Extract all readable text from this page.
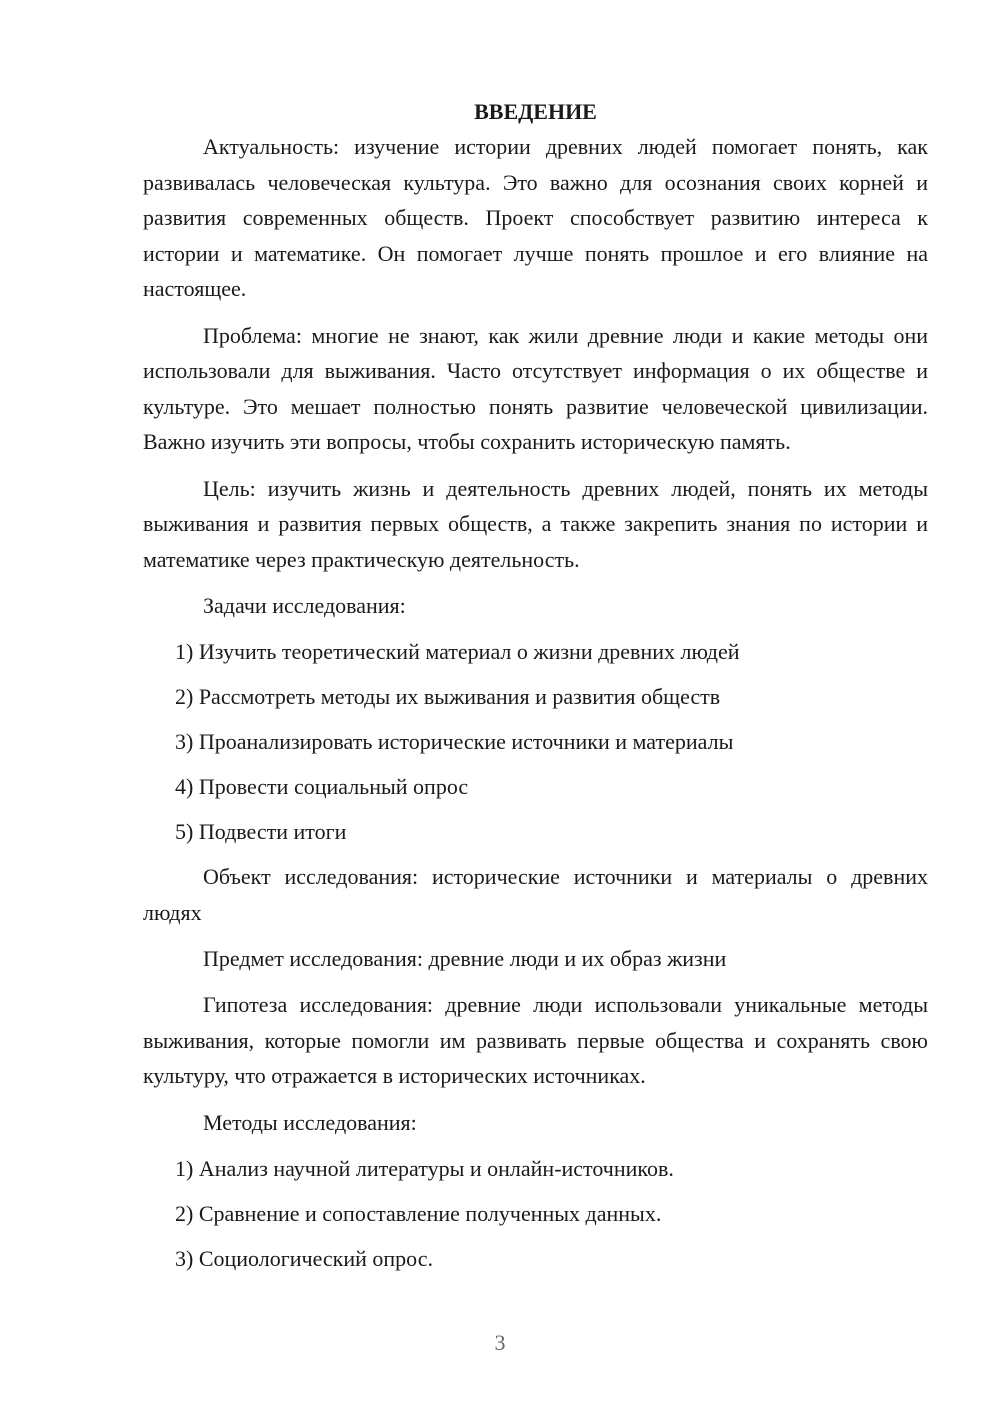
ВВЕДЕНИЕ

Актуальность: изучение истории древних людей помогает понять, как развивалась человеческая культура. Это важно для осознания своих корней и развития современных обществ. Проект способствует развитию интереса к истории и математике. Он помогает лучше понять прошлое и его влияние на настоящее.

Проблема: многие не знают, как жили древние люди и какие методы они использовали для выживания. Часто отсутствует информация о их обществе и культуре. Это мешает полностью понять развитие человеческой цивилизации. Важно изучить эти вопросы, чтобы сохранить историческую память.

Цель: изучить жизнь и деятельность древних людей, понять их методы выживания и развития первых обществ, а также закрепить знания по истории и математике через практическую деятельность.

Задачи исследования:

1) Изучить теоретический материал о жизни древних людей

2) Рассмотреть методы их выживания и развития обществ

3) Проанализировать исторические источники и материалы

4) Провести социальный опрос

5) Подвести итоги

Объект исследования: исторические источники и материалы о древних людях

Предмет исследования: древние люди и их образ жизни

Гипотеза исследования: древние люди использовали уникальные методы выживания, которые помогли им развивать первые общества и сохранять свою культуру, что отражается в исторических источниках.

Методы исследования:

1) Анализ научной литературы и онлайн-источников.

2) Сравнение и сопоставление полученных данных.

3) Социологический опрос.

3
